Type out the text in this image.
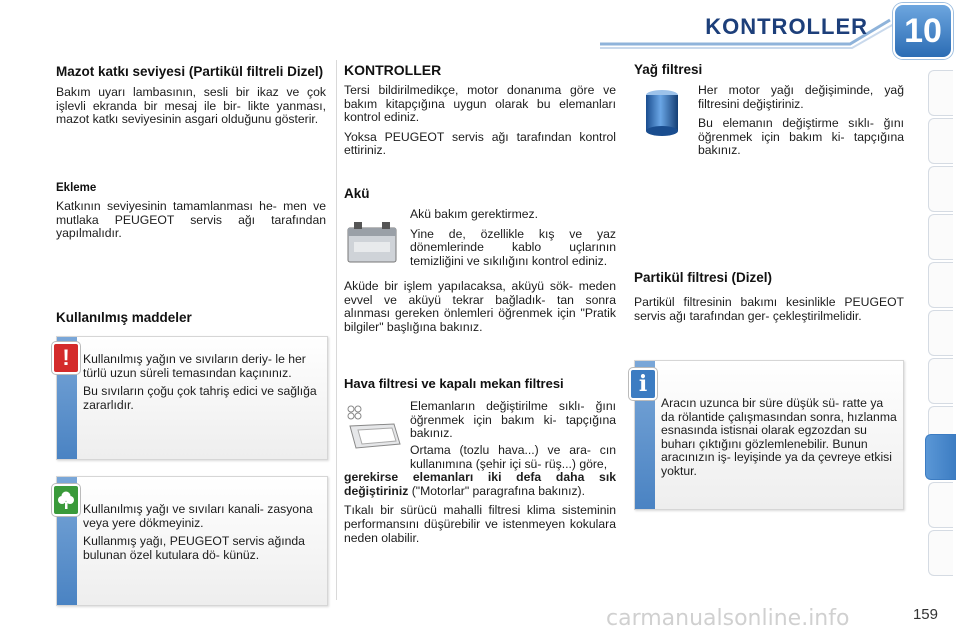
KONTROLLER	10
Mazot katkı seviyesi (Partikül filtreli Dizel)

Bakım uyarı lambasının, sesli bir ikaz ve çok işlevli ekranda bir mesaj ile bir- likte yanması, mazot katkı seviyesinin asgari olduğunu gösterir.

Ekleme

Katkının seviyesinin tamamlanması he- men ve mutlaka PEUGEOT servis ağı tarafından yapılmalıdır.

Kullanılmış maddeler

Kullanılmış yağın ve sıvıların deriy- le her türlü uzun süreli temasından kaçınınız.

Bu sıvıların çoğu çok tahriş edici ve sağlığa zararlıdır.

!

Kullanılmış yağı ve sıvıları kanali- zasyona veya yere dökmeyiniz.

Kullanmış yağı, PEUGEOT servis ağında bulunan özel kutulara dö- künüz.

KONTROLLER

Tersi bildirilmedikçe, motor donanıma göre ve bakım kitapçığına uygun olarak bu elemanları kontrol ediniz.

Yoksa PEUGEOT servis ağı tarafından kontrol ettiriniz.

Akü

Akü bakım gerektirmez.

Yine de, özellikle kış ve yaz dönemlerinde kablo uçlarının temizliğini ve sıkılığını kontrol ediniz.

Aküde bir işlem yapılacaksa, aküyü sök- meden evvel ve aküyü tekrar bağladık- tan sonra alınması gereken önlemleri öğrenmek için "Pratik bilgiler" başlığına bakınız.

Hava filtresi ve kapalı mekan filtresi

Elemanların değiştirilme sıklı- ğını öğrenmek için bakım ki- tapçığına bakınız.

Ortama (tozlu hava...) ve ara- cın kullanımına (şehir içi sü- rüş...) göre,

gerekirse elemanları iki defa daha sık değiştiriniz ("Motorlar" paragrafına bakınız).

Tıkalı bir sürücü mahalli filtresi klima sisteminin performansını düşürebilir ve istenmeyen kokulara neden olabilir.

Yağ filtresi

Her motor yağı değişiminde, yağ filtresini değiştiriniz.

Bu elemanın değiştirme sıklı- ğını öğrenmek için bakım ki- tapçığına bakınız.

Partikül filtresi (Dizel)

Partikül filtresinin bakımı kesinlikle PEUGEOT servis ağı tarafından ger- çekleştirilmelidir.

Aracın uzunca bir süre düşük sü- ratte ya da rölantide çalışmasından sonra, hızlanma esnasında istisnai olarak egzozdan su buharı çıktığını gözlemlenebilir. Bunun aracınızın iş- leyişinde ya da çevreye etkisi yoktur.

i
carmanualsonline.info	159
